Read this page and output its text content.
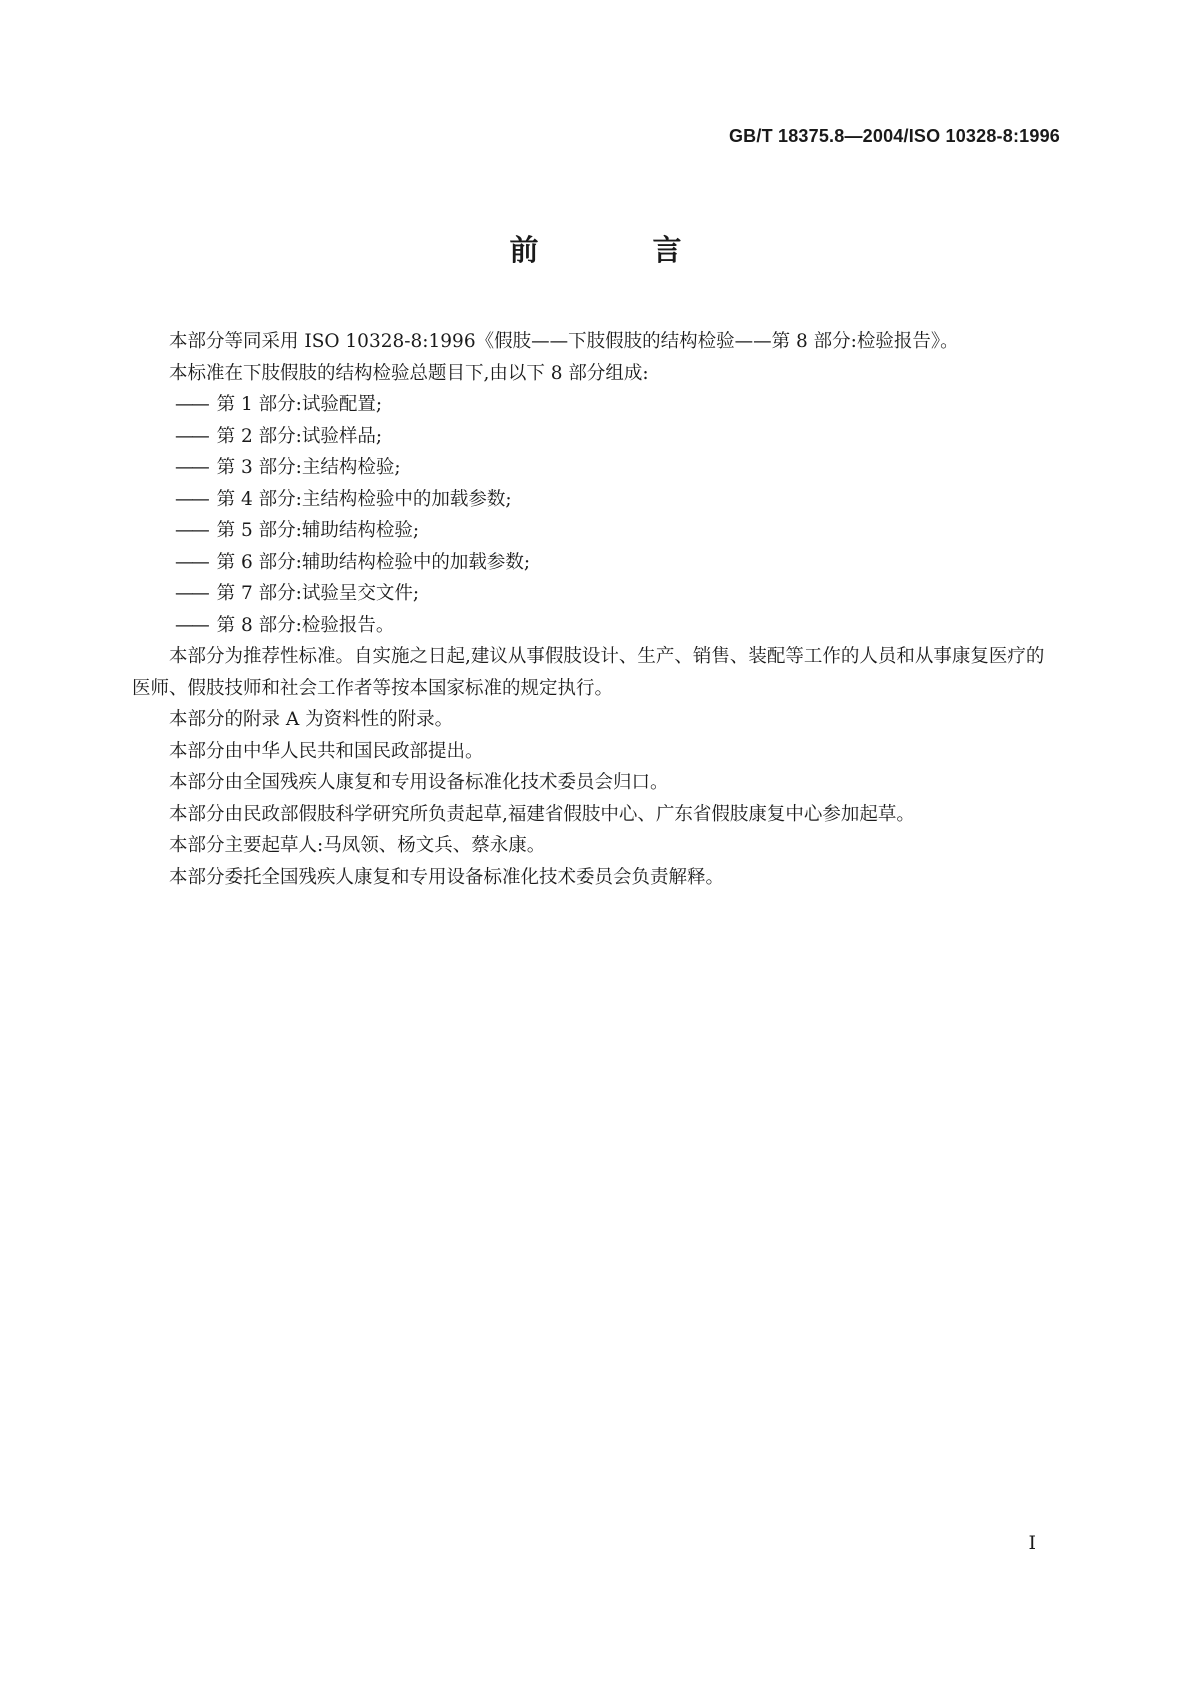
GB/T 18375.8—2004/ISO 10328-8:1996
前 言

本部分等同采用 ISO 10328-8:1996《假肢——下肢假肢的结构检验——第 8 部分:检验报告》。

本标准在下肢假肢的结构检验总题目下,由以下 8 部分组成:

—— 第 1 部分:试验配置;

—— 第 2 部分:试验样品;

—— 第 3 部分:主结构检验;

—— 第 4 部分:主结构检验中的加载参数;

—— 第 5 部分:辅助结构检验;

—— 第 6 部分:辅助结构检验中的加载参数;

—— 第 7 部分:试验呈交文件;

—— 第 8 部分:检验报告。

本部分为推荐性标准。自实施之日起,建议从事假肢设计、生产、销售、装配等工作的人员和从事康复医疗的医师、假肢技师和社会工作者等按本国家标准的规定执行。

本部分的附录 A 为资料性的附录。

本部分由中华人民共和国民政部提出。

本部分由全国残疾人康复和专用设备标准化技术委员会归口。

本部分由民政部假肢科学研究所负责起草,福建省假肢中心、广东省假肢康复中心参加起草。

本部分主要起草人:马凤领、杨文兵、蔡永康。

本部分委托全国残疾人康复和专用设备标准化技术委员会负责解释。

I
